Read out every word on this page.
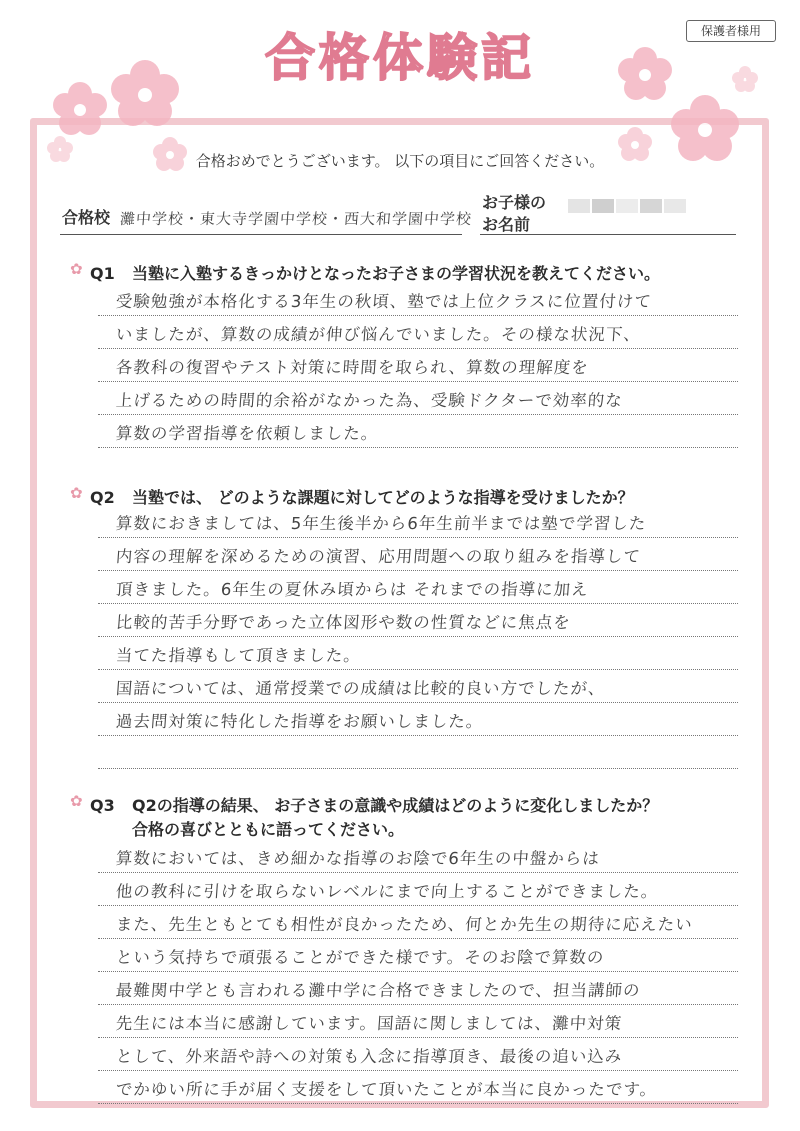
合格体験記	保護者様用
合格おめでとうございます。 以下の項目にご回答ください。
合格校 灘中学校・東大寺学園中学校・西大和学園中学校
お子様の
お名前
✿ Q1 当塾に入塾するきっかけとなったお子さまの学習状況を教えてください。
受験勉強が本格化する3年生の秋頃、塾では上位クラスに位置付けて
いましたが、算数の成績が伸び悩んでいました。その様な状況下、
各教科の復習やテスト対策に時間を取られ、算数の理解度を
上げるための時間的余裕がなかった為、受験ドクターで効率的な
算数の学習指導を依頼しました。
✿ Q2 当塾では、 どのような課題に対してどのような指導を受けましたか？
算数におきましては、5年生後半から6年生前半までは塾で学習した
内容の理解を深めるための演習、応用問題への取り組みを指導して
頂きました。6年生の夏休み頃からは それまでの指導に加え
比較的苦手分野であった立体図形や数の性質などに焦点を
当てた指導もして頂きました。
国語については、通常授業での成績は比較的良い方でしたが、
過去問対策に特化した指導をお願いしました。
✿ Q3 Q2の指導の結果、 お子さまの意識や成績はどのように変化しましたか？
合格の喜びとともに語ってください。
算数においては、きめ細かな指導のお陰で6年生の中盤からは
他の教科に引けを取らないレベルにまで向上することができました。
また、先生ともとても相性が良かったため、何とか先生の期待に応えたい
という気持ちで頑張ることができた様です。そのお陰で算数の
最難関中学とも言われる灘中学に合格できましたので、担当講師の
先生には本当に感謝しています。国語に関しましては、灘中対策
として、外来語や詩への対策も入念に指導頂き、最後の追い込み
でかゆい所に手が届く支援をして頂いたことが本当に良かったです。
